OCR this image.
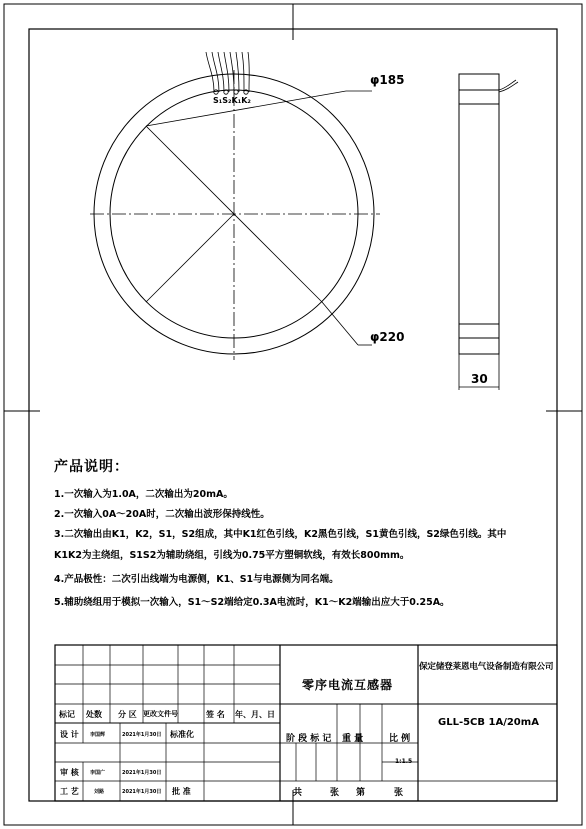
φ185
φ220
30
S₁S₂K₁K₂
产品说明：
1.一次输入为1.0A，二次输出为20mA。
2.一次输入0A～20A时，二次输出波形保持线性。
3.二次输出由K1，K2，S1，S2组成，其中K1红色引线，K2黑色引线，S1黄色引线，S2绿色引线。其中
K1K2为主绕组，S1S2为辅助绕组，引线为0.75平方塑铜软线，有效长800mm。
4.产品极性：二次引出线端为电源侧，K1、S1与电源侧为同名端。
5.辅助绕组用于模拟一次输入，S1～S2端给定0.3A电流时，K1～K2端输出应大于0.25A。
标记 处数 分 区 更改文件号	签 名 年、月、日
设 计 李国辉	2021年1月30日 标准化
审 核 李国广	2021年1月30日
工 艺	刘路	2021年1月30日 批 准
零序电流互感器
保定储登莱恩电气设备制造有限公司
GLL-5CB 1A/20mA
阶 段 标 记 重 量	比 例
1:1.5
共	张 第	张
